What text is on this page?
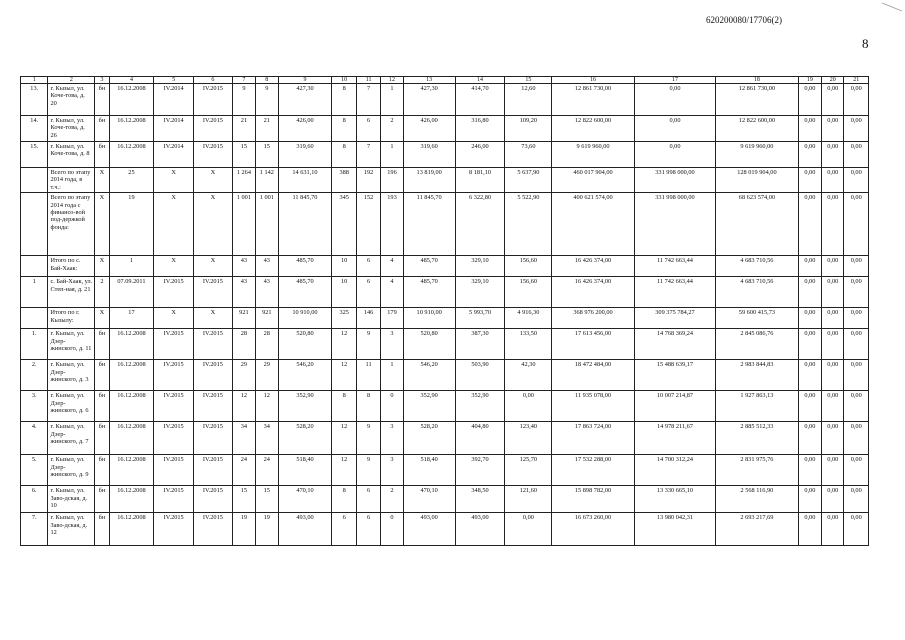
620200080/17706(2)
8
1	2	3	4	5	6	7	8	9	10	11	12	13	14	15	16	17	18	19	20	21
13.	г. Кызыл, ул. Коче-това, д. 20	бн	16.12.2008	IV.2014	IV.2015	9	9	427,30	8	7	1	427,30	414,70	12,60	12 861 730,00	0,00	12 861 730,00	0,00	0,00	0,00
14.	г. Кызыл, ул. Коче-това, д. 26	бн	16.12.2008	IV.2014	IV.2015	21	21	426,00	8	6	2	426,00	316,80	109,20	12 822 600,00	0,00	12 822 600,00	0,00	0,00	0,00
15.	г. Кызыл, ул. Коче-това, д. 8	бн	16.12.2008	IV.2014	IV.2015	15	15	319,60	8	7	1	319,60	246,00	73,60	9 619 960,00	0,00	9 619 960,00	0,00	0,00	0,00
	Всего по этапу 2014 года, в т.ч.:	X	25	X	X	1 264	1 142	14 631,10	388	192	196	13 819,00	8 181,10	5 637,90	460 017 904,00	331 998 000,00	128 019 904,00	0,00	0,00	0,00
	Всего по этапу 2014 года с финансо-вой под-держкой фонда:	X	19	X	X	1 001	1 001	11 845,70	345	152	193	11 845,70	6 322,80	5 522,90	400 621 574,00	331 998 000,00	68 623 574,00	0,00	0,00	0,00
	Итого по с. Бай-Хаак:	X	1	X	X	43	43	485,70	10	6	4	485,70	329,10	156,60	16 426 374,00	11 742 663,44	4 683 710,56	0,00	0,00	0,00
1	с. Бай-Хаак, ул. Степ-ная, д. 21	2	07.09.2011	IV.2015	IV.2015	43	43	485,70	10	6	4	485,70	329,10	156,60	16 426 374,00	11 742 663,44	4 683 710,56	0,00	0,00	0,00
	Итого по г. Кызылу:	X	17	X	X	921	921	10 910,00	325	146	179	10 910,00	5 993,70	4 916,30	368 976 200,00	309 375 784,27	59 600 415,73	0,00	0,00	0,00
1.	г. Кызыл, ул. Дзер-жинского, д. 11	бн	16.12.2008	IV.2015	IV.2015	28	28	520,80	12	9	3	520,80	387,30	133,50	17 613 456,00	14 768 369,24	2 845 086,76	0,00	0,00	0,00
2.	г. Кызыл, ул. Дзер-жинского, д. 3	бн	16.12.2008	IV.2015	IV.2015	29	29	546,20	12	11	1	546,20	503,90	42,30	18 472 484,00	15 488 639,17	2 983 844,83	0,00	0,00	0,00
3.	г. Кызыл, ул. Дзер-жинского, д. 6	бн	16.12.2008	IV.2015	IV.2015	12	12	352,90	8	8	0	352,90	352,90	0,00	11 935 078,00	10 007 214,87	1 927 863,13	0,00	0,00	0,00
4.	г. Кызыл, ул. Дзер-жинского, д. 7	бн	16.12.2008	IV.2015	IV.2015	34	34	528,20	12	9	3	528,20	404,80	123,40	17 863 724,00	14 978 211,67	2 885 512,33	0,00	0,00	0,00
5.	г. Кызыл, ул. Дзер-жинского, д. 9	бн	16.12.2008	IV.2015	IV.2015	24	24	518,40	12	9	3	518,40	392,70	125,70	17 532 288,00	14 700 312,24	2 831 975,76	0,00	0,00	0,00
6.	г. Кызыл, ул. Заво-дская, д. 10	бн	16.12.2008	IV.2015	IV.2015	15	15	470,10	8	6	2	470,10	348,50	121,60	15 898 782,00	13 330 665,10	2 568 116,90	0,00	0,00	0,00
7.	г. Кызыл, ул. Заво-дская, д. 12	бн	16.12.2008	IV.2015	IV.2015	19	19	493,00	6	6	0	493,00	493,00	0,00	16 673 260,00	13 980 042,31	2 693 217,69	0,00	0,00	0,00
